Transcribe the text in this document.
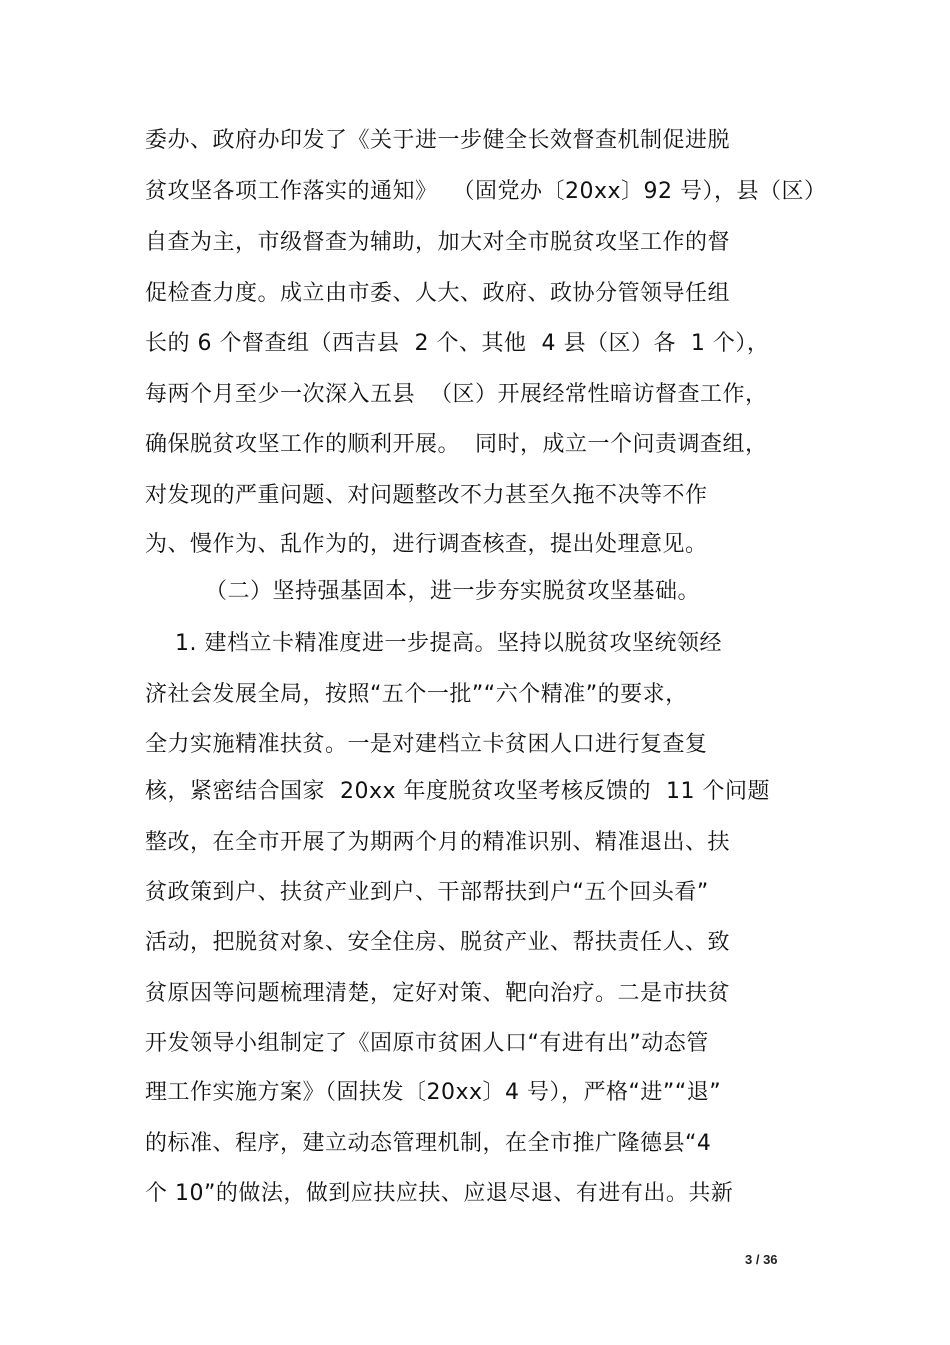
委办、政府办印发了《关于进一步健全长效督查机制促进脱
贫攻坚各项工作落实的通知》  （固党办〔20xx〕92 号），县（区）
自查为主，市级督查为辅助，加大对全市脱贫攻坚工作的督
促检查力度。成立由市委、人大、政府、政协分管领导任组
长的 6 个督查组（西吉县  2 个、其他  4 县（区）各  1 个），
每两个月至少一次深入五县  （区）开展经常性暗访督查工作，
确保脱贫攻坚工作的顺利开展。  同时，成立一个问责调查组，
对发现的严重问题、对问题整改不力甚至久拖不决等不作
为、慢作为、乱作为的，进行调查核查，提出处理意见。
（二）坚持强基固本，进一步夯实脱贫攻坚基础。
1. 建档立卡精准度进一步提高。坚持以脱贫攻坚统领经
济社会发展全局，按照“五个一批”“六个精准”的要求，
全力实施精准扶贫。一是对建档立卡贫困人口进行复查复
核，紧密结合国家  20xx 年度脱贫攻坚考核反馈的  11 个问题
整改，在全市开展了为期两个月的精准识别、精准退出、扶
贫政策到户、扶贫产业到户、干部帮扶到户“五个回头看”
活动，把脱贫对象、安全住房、脱贫产业、帮扶责任人、致
贫原因等问题梳理清楚，定好对策、靶向治疗。二是市扶贫
开发领导小组制定了《固原市贫困人口“有进有出”动态管
理工作实施方案》（固扶发〔20xx〕4 号），严格“进”“退”
的标准、程序，建立动态管理机制，在全市推广隆德县“4
个 10”的做法，做到应扶应扶、应退尽退、有进有出。共新
3 / 36
